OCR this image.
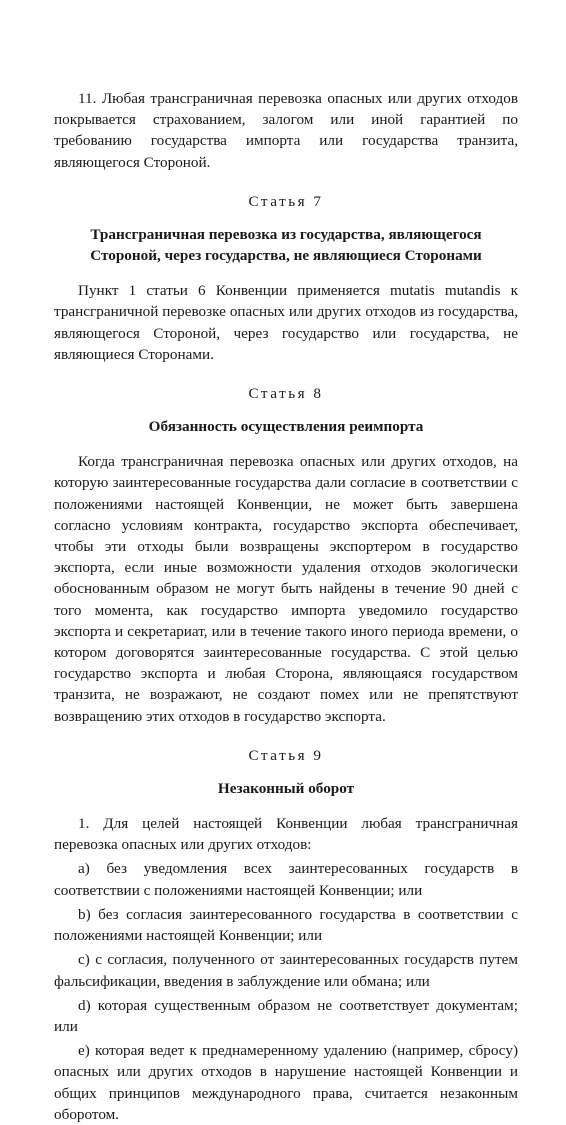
11. Любая трансграничная перевозка опасных или других отходов покрывается страхованием, залогом или иной гарантией по требованию государства импорта или государства транзита, являющегося Стороной.

Статья 7
Трансграничная перевозка из государства, являющегося Стороной, через государства, не являющиеся Сторонами

Пункт 1 статьи 6 Конвенции применяется mutatis mutandis к трансграничной перевозке опасных или других отходов из государства, являющегося Стороной, через государство или государства, не являющиеся Сторонами.

Статья 8
Обязанность осуществления реимпорта

Когда трансграничная перевозка опасных или других отходов, на которую заинтересованные государства дали согласие в соответствии с положениями настоящей Конвенции, не может быть завершена согласно условиям контракта, государство экспорта обеспечивает, чтобы эти отходы были возвращены экспортером в государство экспорта, если иные возможности удаления отходов экологически обоснованным образом не могут быть найдены в течение 90 дней с того момента, как государство импорта уведомило государство экспорта и секретариат, или в течение такого иного периода времени, о котором договорятся заинтересованные государства. С этой целью государство экспорта и любая Сторона, являющаяся государством транзита, не возражают, не создают помех или не препятствуют возвращению этих отходов в государство экспорта.

Статья 9
Незаконный оборот

1. Для целей настоящей Конвенции любая трансграничная перевозка опасных или других отходов:

а) без уведомления всех заинтересованных государств в соответствии с положениями настоящей Конвенции; или

b) без согласия заинтересованного государства в соответствии с положениями настоящей Конвенции; или

с) с согласия, полученного от заинтересованных государств путем фальсификации, введения в заблуждение или обмана; или

d) которая существенным образом не соответствует документам; или

е) которая ведет к преднамеренному удалению (например, сбросу) опасных или других отходов в нарушение настоящей Конвенции и общих принципов международного права, считается незаконным оборотом.
